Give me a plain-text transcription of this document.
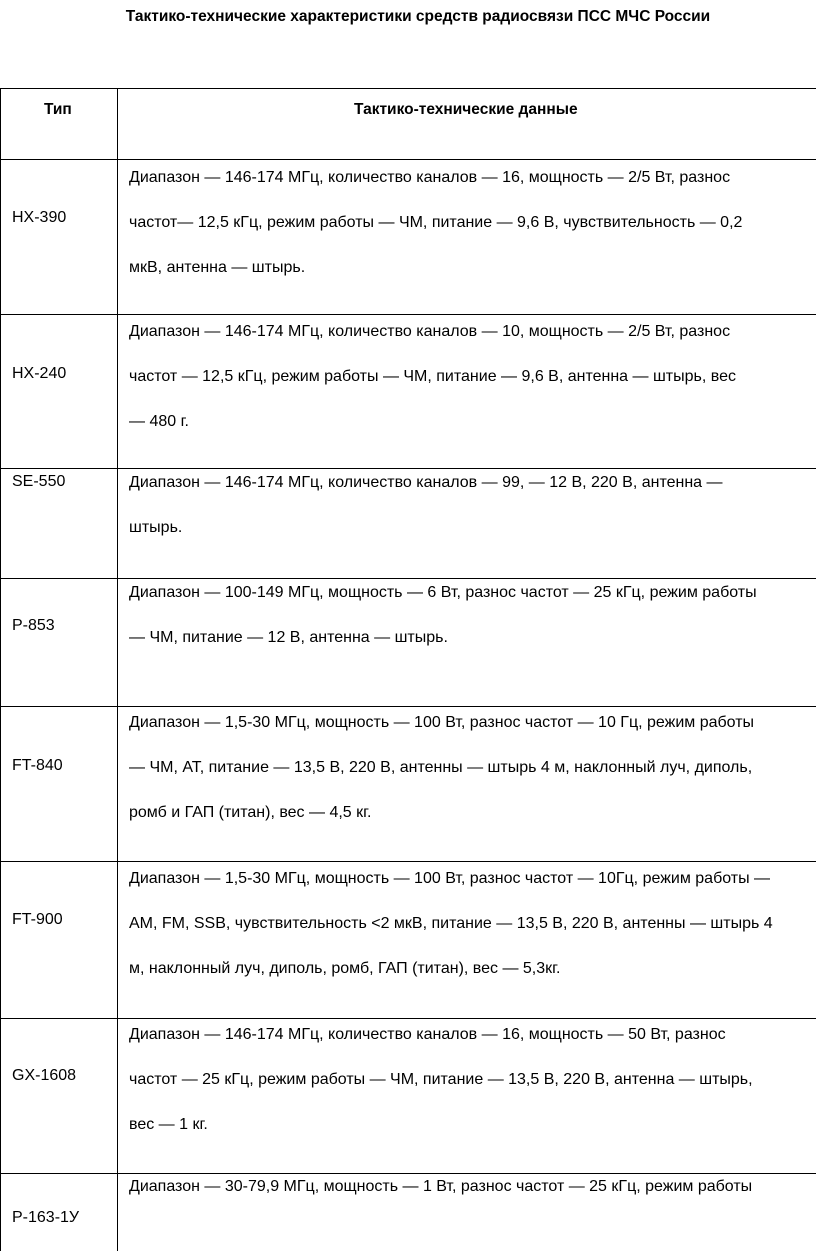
Тактико-технические характеристики средств радиосвязи ПСС МЧС России
Тип	Тактико-технические данные
HX-390
Диапазон — 146-174 МГц, количество каналов — 16, мощность — 2/5 Вт, разнос
частот— 12,5 кГц, режим работы — ЧМ, питание — 9,6 В, чувствительность — 0,2
мкВ, антенна — штырь.
HX-240
Диапазон — 146-174 МГц, количество каналов — 10, мощность — 2/5 Вт, разнос
частот — 12,5 кГц, режим работы — ЧМ, питание — 9,6 В, антенна — штырь, вес
— 480 г.
SE-550	Диапазон — 146-174 МГц, количество каналов — 99, — 12 В, 220 В, антенна —
штырь.
Р-853
Диапазон — 100-149 МГц, мощность — 6 Вт, разнос частот — 25 кГц, режим работы
— ЧМ, питание — 12 В, антенна — штырь.
FT-840
Диапазон — 1,5-30 МГц, мощность — 100 Вт, разнос частот — 10 Гц, режим работы
— ЧМ, АТ, питание — 13,5 В, 220 В, антенны — штырь 4 м, наклонный луч, диполь,
ромб и ГАП (титан), вес — 4,5 кг.
FT-900
Диапазон — 1,5-30 МГц, мощность — 100 Вт, разнос частот — 10Гц, режим работы —
АМ, FM, SSB, чувствительность <2 мкВ, питание — 13,5 В, 220 В, антенны — штырь 4
м, наклонный луч, диполь, ромб, ГАП (титан), вес — 5,3кг.
GX-1608
Диапазон — 146-174 МГц, количество каналов — 16, мощность — 50 Вт, разнос
частот — 25 кГц, режим работы — ЧМ, питание — 13,5 В, 220 В, антенна — штырь,
вес — 1 кг.
Р-163-1У
Диапазон — 30-79,9 МГц, мощность — 1 Вт, разнос частот — 25 кГц, режим работы
